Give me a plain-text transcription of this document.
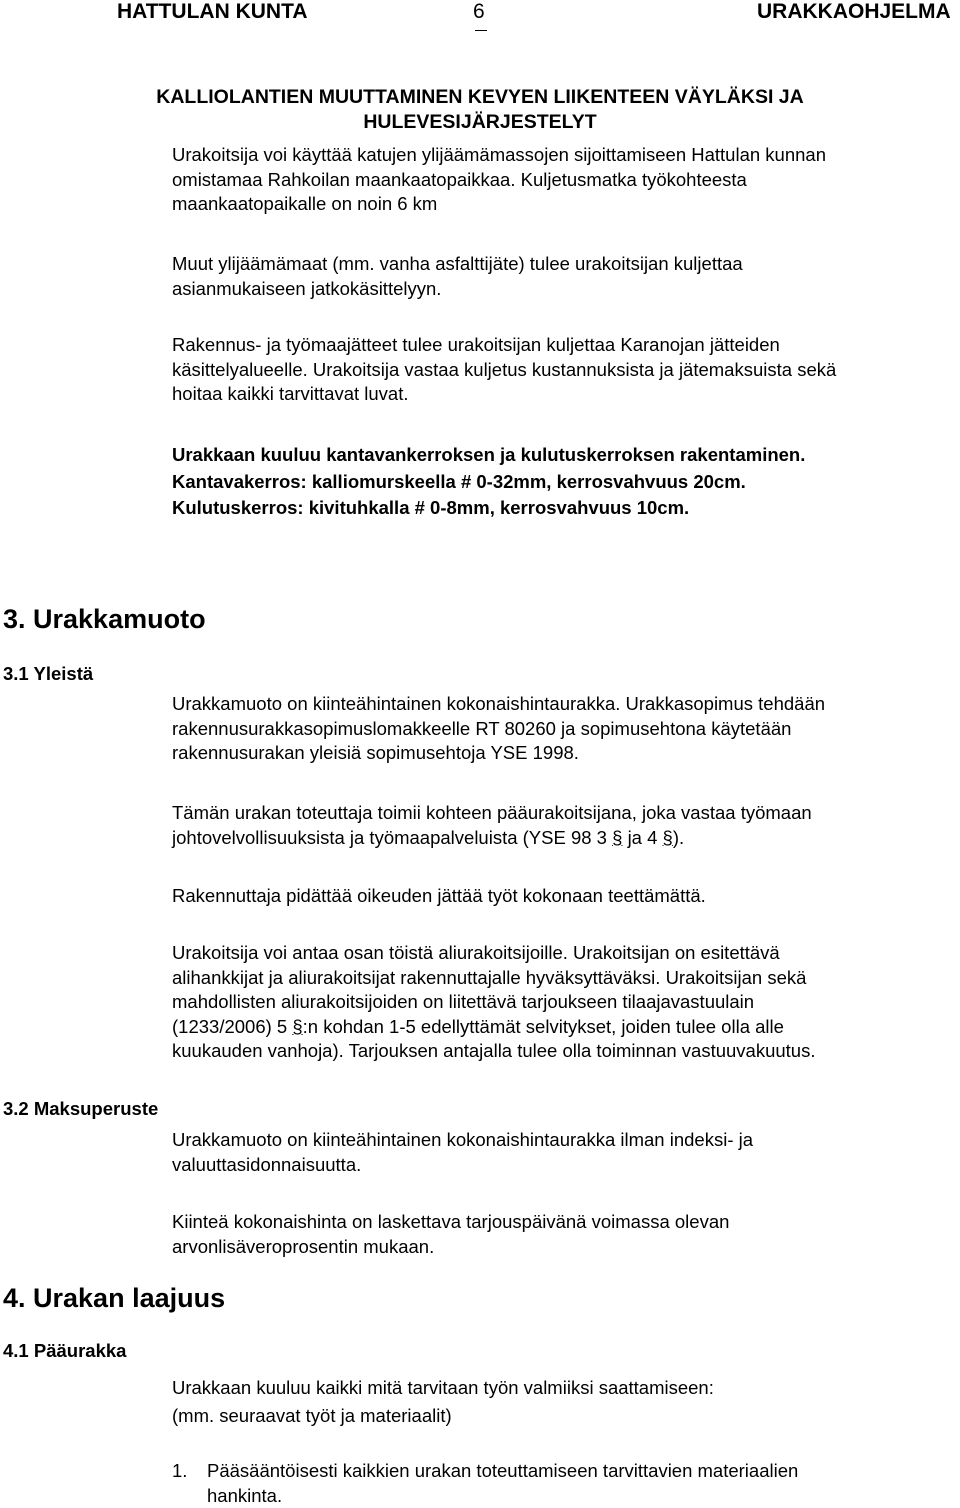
HATTULAN KUNTA	6	URAKKAOHJELMA
KALLIOLANTIEN MUUTTAMINEN KEVYEN LIIKENTEEN VÄYLÄKSI JA
HULEVESIJÄRJESTELYT
Urakoitsija voi käyttää katujen ylijäämämassojen sijoittamiseen Hattulan kunnan
omistamaa Rahkoilan maankaatopaikkaa. Kuljetusmatka työkohteesta
maankaatopaikalle on noin 6 km
Muut ylijäämämaat (mm. vanha asfalttijäte) tulee urakoitsijan kuljettaa
asianmukaiseen jatkokäsittelyyn.
Rakennus- ja työmaajätteet tulee urakoitsijan kuljettaa Karanojan jätteiden
käsittelyalueelle. Urakoitsija vastaa kuljetus kustannuksista ja jätemaksuista sekä
hoitaa kaikki tarvittavat luvat.
Urakkaan kuuluu kantavankerroksen ja kulutuskerroksen rakentaminen.
Kantavakerros: kalliomurskeella # 0-32mm, kerrosvahvuus 20cm.
Kulutuskerros: kivituhkalla # 0-8mm, kerrosvahvuus 10cm.
3. Urakkamuoto
3.1 Yleistä
Urakkamuoto on kiinteähintainen kokonaishintaurakka. Urakkasopimus tehdään
rakennusurakkasopimuslomakkeelle RT 80260 ja sopimusehtona käytetään
rakennusurakan yleisiä sopimusehtoja YSE 1998.
Tämän urakan toteuttaja toimii kohteen pääurakoitsijana, joka vastaa työmaan
johtovelvollisuuksista ja työmaapalveluista (YSE 98 3 § ja 4 §).
Rakennuttaja pidättää oikeuden jättää työt kokonaan teettämättä.
Urakoitsija voi antaa osan töistä aliurakoitsijoille. Urakoitsijan on esitettävä
alihankkijat ja aliurakoitsijat rakennuttajalle hyväksyttäväksi. Urakoitsijan sekä
mahdollisten aliurakoitsijoiden on liitettävä tarjoukseen tilaajavastuulain
(1233/2006) 5 §:n kohdan 1-5 edellyttämät selvitykset, joiden tulee olla alle
kuukauden vanhoja). Tarjouksen antajalla tulee olla toiminnan vastuuvakuutus.
3.2 Maksuperuste
Urakkamuoto on kiinteähintainen kokonaishintaurakka ilman indeksi- ja
valuuttasidonnaisuutta.
Kiinteä kokonaishinta on laskettava tarjouspäivänä voimassa olevan
arvonlisäveroprosentin mukaan.
4. Urakan laajuus
4.1 Pääurakka
Urakkaan kuuluu kaikki mitä tarvitaan työn valmiiksi saattamiseen:
(mm. seuraavat työt ja materiaalit)
1. Pääsääntöisesti kaikkien urakan toteuttamiseen tarvittavien materiaalien
hankinta.
